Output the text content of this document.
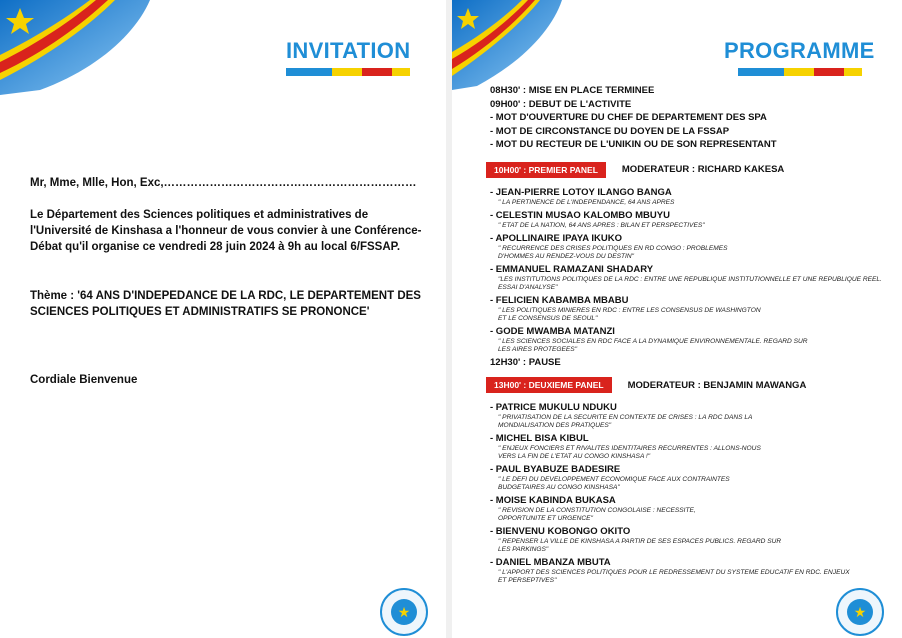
INVITATION
Mr, Mme, Mlle, Hon, Exc,…………………………………………………………
Le Département des Sciences politiques et administratives de l'Université de Kinshasa a l'honneur de vous convier à une Conférence-Débat qu'il organise ce vendredi 28 juin 2024 à 9h au local 6/FSSAP.
Thème : '64 ANS D'INDEPEDANCE DE LA RDC, LE DEPARTEMENT DES SCIENCES POLITIQUES ET ADMINISTRATIFS SE PRONONCE'
Cordiale Bienvenue
PROGRAMME
08H30' : MISE EN PLACE TERMINEE
09H00' : DEBUT DE L'ACTIVITE
- MOT D'OUVERTURE DU CHEF DE DEPARTEMENT DES SPA
- MOT DE CIRCONSTANCE DU DOYEN DE LA FSSAP
- MOT DU RECTEUR DE L'UNIKIN OU DE SON REPRESENTANT
10H00' : PREMIER PANEL	MODERATEUR : RICHARD KAKESA
- JEAN-PIERRE LOTOY ILANGO BANGA
" LA PERTINENCE DE L'INDEPENDANCE, 64 ANS APRES
- CELESTIN MUSAO KALOMBO MBUYU
" ETAT DE LA NATION, 64 ANS APRES : BILAN ET PERSPECTIVES"
- APOLLINAIRE IPAYA IKUKO
" RECURRENCE DES CRISES POLITIQUES EN RD CONGO : PROBLEMES D'HOMMES AU RENDEZ-VOUS DU DESTIN"
- EMMANUEL RAMAZANI SHADARY
"LES INSTITUTIONS POLITIQUES DE LA RDC : ENTRE UNE REPUBLIQUE INSTITUTIONNELLE ET UNE REPUBLIQUE REEL. ESSAI D'ANALYSE"
- FELICIEN KABAMBA MBABU
" LES POLITIQUES MINIERES EN RDC : ENTRE LES CONSENSUS DE WASHINGTON ET LE CONSENSUS DE SEOUL"
- GODE MWAMBA MATANZI
" LES SCIENCES SOCIALES EN RDC FACE A LA DYNAMIQUE ENVIRONNEMENTALE. REGARD SUR LES AIRES PROTEGEES"
12H30' : PAUSE
13H00' : DEUXIEME PANEL	MODERATEUR : BENJAMIN MAWANGA
- PATRICE MUKULU NDUKU
" PRIVATISATION DE LA SECURITE EN CONTEXTE DE CRISES : LA RDC DANS LA MONDIALISATION DES PRATIQUES"
- MICHEL BISA KIBUL
" ENJEUX FONCIERS ET RIVALITES IDENTITAIRES RECURRENTES : ALLONS-NOUS VERS LA FIN DE L'ETAT AU CONGO KINSHASA !"
- PAUL BYABUZE BADESIRE
" LE DEFI DU DEVELOPPEMENT ECONOMIQUE FACE AUX CONTRAINTES BUDGETAIRES AU CONGO KINSHASA"
- MOISE KABINDA BUKASA
" REVISION DE LA CONSTITUTION CONGOLAISE : NECESSITE, OPPORTUNITE ET URGENCE"
- BIENVENU KOBONGO OKITO
" REPENSER LA VILLE DE KINSHASA A PARTIR DE SES ESPACES PUBLICS. REGARD SUR LES PARKINGS"
- DANIEL MBANZA MBUTA
" L'APPORT DES SCIENCES POLITIQUES POUR LE REDRESSEMENT DU SYSTEME EDUCATIF EN RDC. ENJEUX ET PERSEPTIVES"
★	★
